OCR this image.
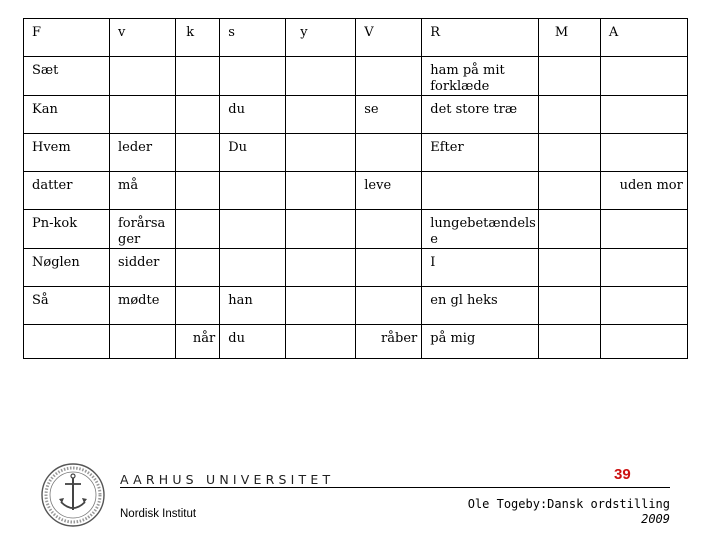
F	v	k	s	y	V	R	M	A
Sæt						ham på mit forklæde		
Kan			du		se	det store træ		
Hvem	leder		Du			Efter		
datter	må				leve			uden mor
Pn-kok	forårsa ger					lungebetændels e		
Nøglen	sidder					I		
Så	mødte		han			en gl heks		
		når	du		råber	på mig		
AARHUS UNIVERSITET
Nordisk Institut
39
Ole Togeby:Dansk ordstilling
2009
